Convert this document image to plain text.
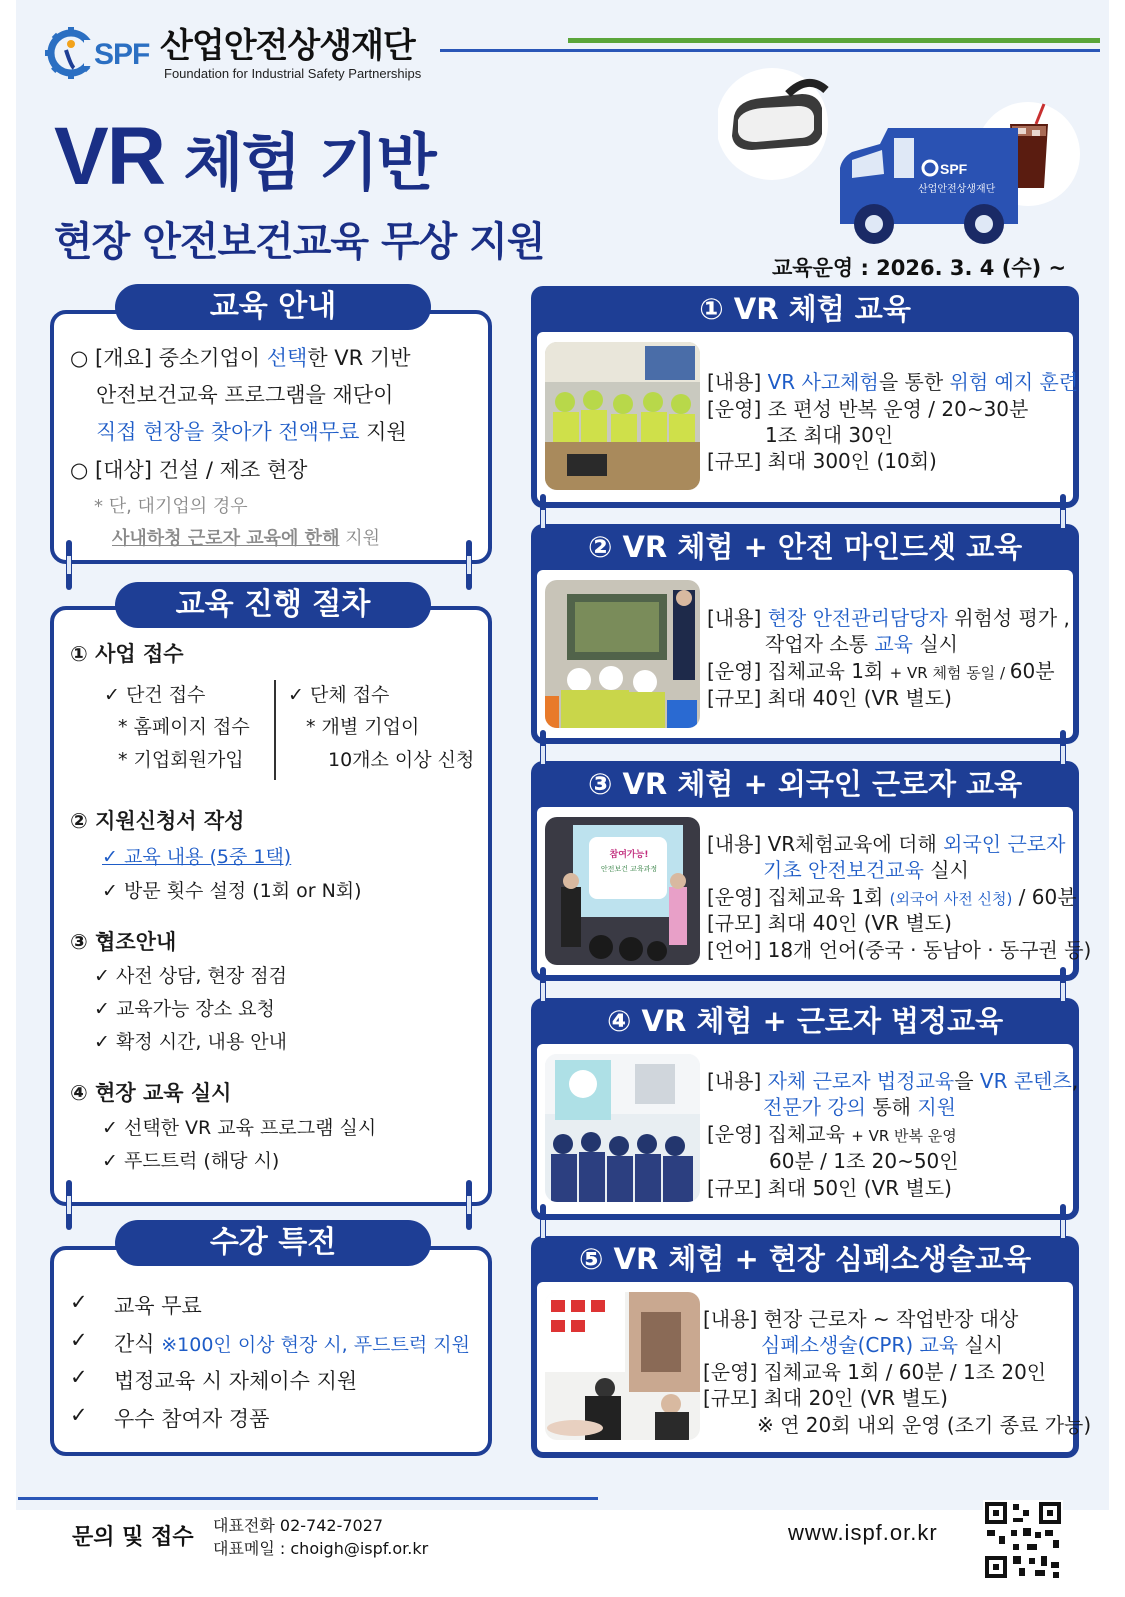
SPF 산업안전상생재단
Foundation for Industrial Safety Partnerships
VR 체험 기반
현장 안전보건교육 무상 지원
SPF
산업안전상생재단
교육운영 : 2026. 3. 4 (수) ~
교육 안내
○ [개요] 중소기업이 선택한 VR 기반
안전보건교육 프로그램을 재단이
직접 현장을 찾아가 전액무료 지원
○ [대상] 건설 / 제조 현장
* 단, 대기업의 경우
사내하청 근로자 교육에 한해 지원
교육 진행 절차
① 사업 접수
✓ 단건 접수
* 홈페이지 접수
* 기업회원가입
✓ 단체 접수
* 개별 기업이
10개소 이상 신청
② 지원신청서 작성
✓ 교육 내용 (5중 1택)
✓ 방문 횟수 설정 (1회 or N회)
③ 협조안내
✓ 사전 상담, 현장 점검
✓ 교육가능 장소 요청
✓ 확정 시간, 내용 안내
④ 현장 교육 실시
✓ 선택한 VR 교육 프로그램 실시
✓ 푸드트럭 (해당 시)
수강 특전
✓ 교육 무료
✓ 간식 ※100인 이상 현장 시, 푸드트럭 지원
✓ 법정교육 시 자체이수 지원
✓ 우수 참여자 경품
① VR 체험 교육
[내용] VR 사고체험을 통한 위험 예지 훈련
[운영] 조 편성 반복 운영 / 20~30분
1조 최대 30인
[규모] 최대 300인 (10회)
② VR 체험 + 안전 마인드셋 교육
[내용] 현장 안전관리담당자 위험성 평가 ,
작업자 소통 교육 실시
[운영] 집체교육 1회 + VR 체험 동일 / 60분
[규모] 최대 40인 (VR 별도)
③ VR 체험 + 외국인 근로자 교육
참여가능!
안전보건 교육과정
[내용] VR체험교육에 더해 외국인 근로자
기초 안전보건교육 실시
[운영] 집체교육 1회 (외국어 사전 신청) / 60분
[규모] 최대 40인 (VR 별도)
[언어] 18개 언어(중국 · 동남아 · 동구권 등)
④ VR 체험 + 근로자 법정교육
[내용] 자체 근로자 법정교육을 VR 콘텐츠,
전문가 강의 통해 지원
[운영] 집체교육 + VR 반복 운영
60분 / 1조 20~50인
[규모] 최대 50인 (VR 별도)
⑤ VR 체험 + 현장 심폐소생술교육
[내용] 현장 근로자 ~ 작업반장 대상
심폐소생술(CPR) 교육 실시
[운영] 집체교육 1회 / 60분 / 1조 20인
[규모] 최대 20인 (VR 별도)
※ 연 20회 내외 운영 (조기 종료 가능)
문의 및 접수 대표전화 02-742-7027
대표메일 : choigh@ispf.or.kr
www.ispf.or.kr
